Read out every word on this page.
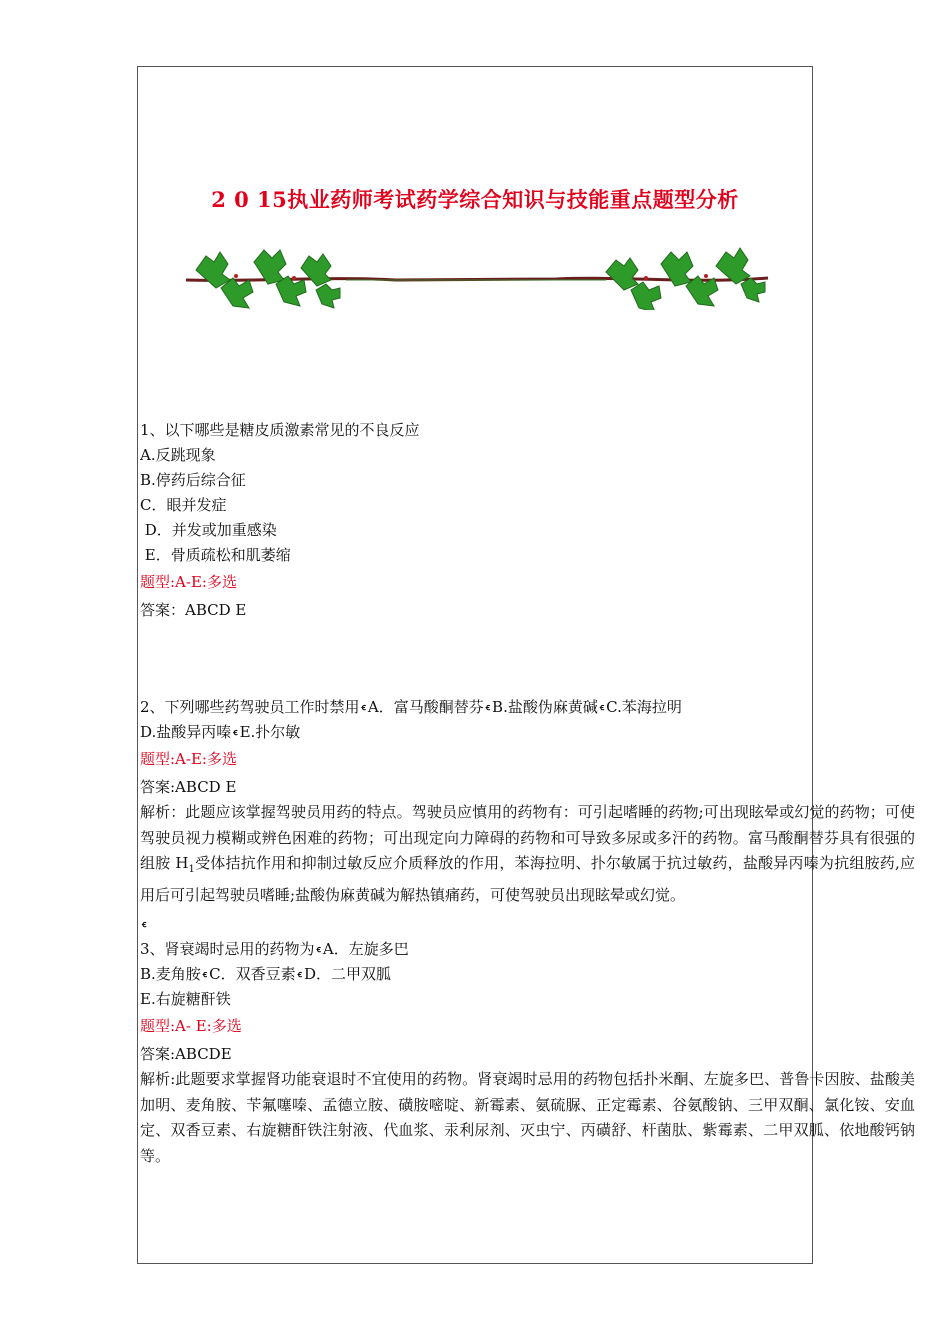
2 0 15执业药师考试药学综合知识与技能重点题型分析
1、以下哪些是糖皮质激素常见的不良反应
A.反跳现象
B.停药后综合征
C．眼并发症
D．并发或加重感染
E．骨质疏松和肌萎缩
题型:A-E:多选
答案：ABCD E
2、下列哪些药驾驶员工作时禁用 ꞓ A．富马酸酮替芬 ꞓ B.盐酸伪麻黄碱 ꞓ C.苯海拉明
D.盐酸异丙嗪 ꞓ E.扑尔敏
题型:A-E:多选
答案:ABCD E
解析：此题应该掌握驾驶员用药的特点。驾驶员应慎用的药物有：可引起嗜睡的药物;可出现眩晕或幻觉的药物；可使驾驶员视力模糊或辨色困难的药物；可出现定向力障碍的药物和可导致多尿或多汗的药物。富马酸酮替芬具有很强的组胺 $H_1$受体拮抗作用和抑制过敏反应介质释放的作用，苯海拉明、扑尔敏属于抗过敏药，盐酸异丙嗪为抗组胺药,应用后可引起驾驶员嗜睡;盐酸伪麻黄碱为解热镇痛药，可使驾驶员出现眩晕或幻觉。
ꞓ
3、肾衰竭时忌用的药物为 ꞓ A．左旋多巴
B.麦角胺 ꞓ C．双香豆素 ꞓ D．二甲双胍
E.右旋糖酐铁
题型:A- E:多选
答案:ABCDE
解析:此题要求掌握肾功能衰退时不宜使用的药物。肾衰竭时忌用的药物包括扑米酮、左旋多巴、普鲁卡因胺、盐酸美加明、麦角胺、苄氟噻嗪、孟德立胺、磺胺嘧啶、新霉素、氨硫脲、正定霉素、谷氨酸钠、三甲双酮、氯化铵、安血定、双香豆素、右旋糖酐铁注射液、代血浆、汞利尿剂、灭虫宁、丙磺舒、杆菌肽、紫霉素、二甲双胍、依地酸钙钠等。
